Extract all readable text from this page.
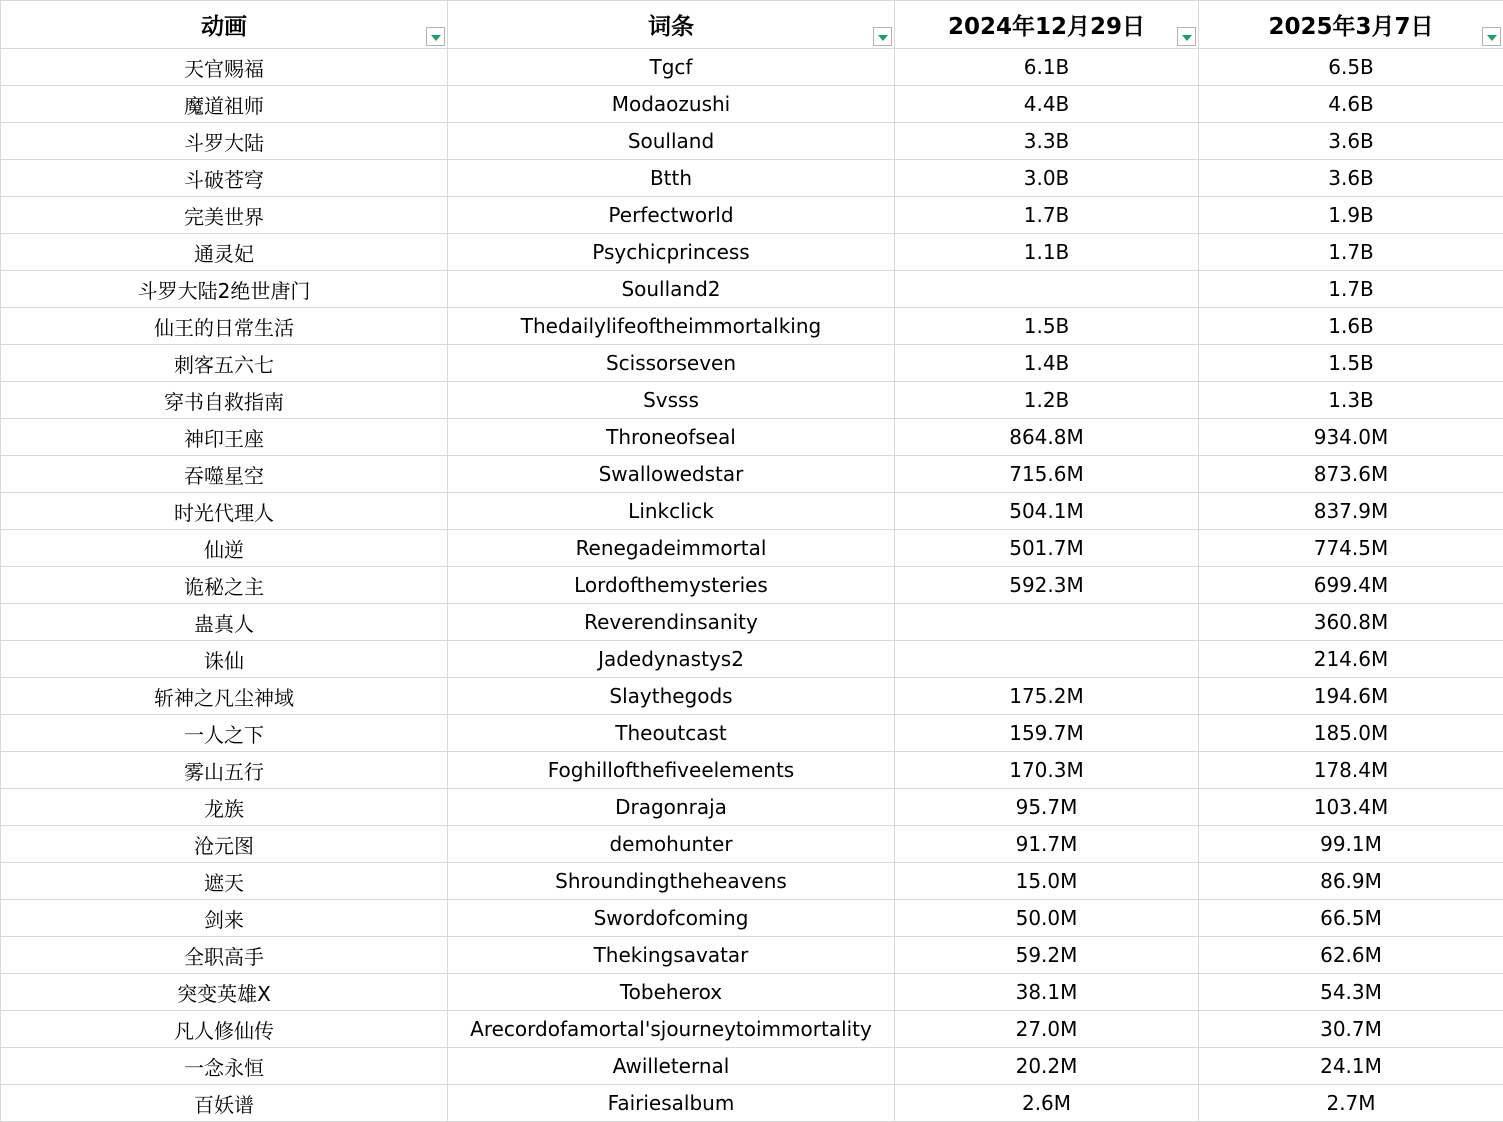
动画	词条	2024年12月29日	2025年3月7日

天官赐福	Tgcf	6.1B	6.5B
魔道祖师	Modaozushi	4.4B	4.6B
斗罗大陆	Soulland	3.3B	3.6B
斗破苍穹	Btth	3.0B	3.6B
完美世界	Perfectworld	1.7B	1.9B
通灵妃	Psychicprincess	1.1B	1.7B
斗罗大陆2绝世唐门	Soulland2		1.7B
仙王的日常生活	Thedailylifeoftheimmortalking	1.5B	1.6B
刺客五六七	Scissorseven	1.4B	1.5B
穿书自救指南	Svsss	1.2B	1.3B
神印王座	Throneofseal	864.8M	934.0M
吞噬星空	Swallowedstar	715.6M	873.6M
时光代理人	Linkclick	504.1M	837.9M
仙逆	Renegadeimmortal	501.7M	774.5M
诡秘之主	Lordofthemysteries	592.3M	699.4M
蛊真人	Reverendinsanity		360.8M
诛仙	Jadedynastys2		214.6M
斩神之凡尘神域	Slaythegods	175.2M	194.6M
一人之下	Theoutcast	159.7M	185.0M
雾山五行	Foghillofthefiveelements	170.3M	178.4M
龙族	Dragonraja	95.7M	103.4M
沧元图	demohunter	91.7M	99.1M
遮天	Shroundingtheheavens	15.0M	86.9M
剑来	Swordofcoming	50.0M	66.5M
全职高手	Thekingsavatar	59.2M	62.6M
突变英雄X	Tobeherox	38.1M	54.3M
凡人修仙传	Arecordofamortal'sjourneytoimmortality	27.0M	30.7M
一念永恒	Awilleternal	20.2M	24.1M
百妖谱	Fairiesalbum	2.6M	2.7M
